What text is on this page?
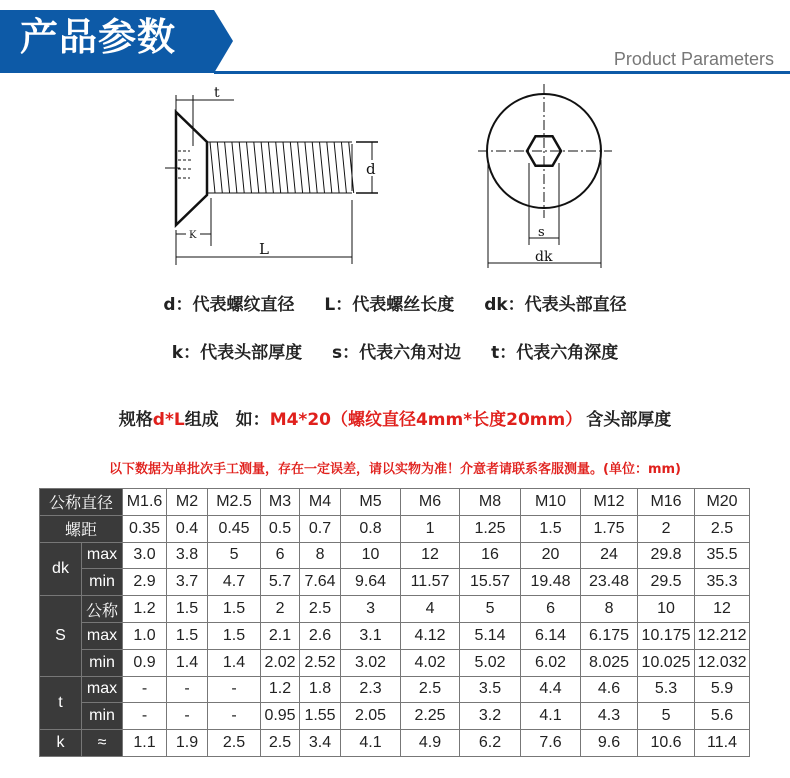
产品参数	Product Parameters
t
d
K
L
s
dk
d：代表螺纹直径 L：代表螺丝长度 dk：代表头部直径
k：代表头部厚度 s：代表六角对边 t：代表六角深度
规格d*L组成　如：M4*20（螺纹直径4mm*长度20mm） 含头部厚度
以下数据为单批次手工测量，存在一定误差，请以实物为准！介意者请联系客服测量。(单位：mm)
公称直径		M1.6	M2	M2.5	M3	M4	M5	M6	M8	M10	M12	M16	M20
螺距		0.35	0.4	0.45	0.5	0.7	0.8	1	1.25	1.5	1.75	2	2.5
dk	max	3.0	3.8	5	6	8	10	12	16	20	24	29.8	35.5
	min	2.9	3.7	4.7	5.7	7.64	9.64	11.57	15.57	19.48	23.48	29.5	35.3
S	公称	1.2	1.5	1.5	2	2.5	3	4	5	6	8	10	12
	max	1.0	1.5	1.5	2.1	2.6	3.1	4.12	5.14	6.14	6.175	10.175	12.212
	min	0.9	1.4	1.4	2.02	2.52	3.02	4.02	5.02	6.02	8.025	10.025	12.032
t	max	-	-	-	1.2	1.8	2.3	2.5	3.5	4.4	4.6	5.3	5.9
	min	-	-	-	0.95	1.55	2.05	2.25	3.2	4.1	4.3	5	5.6
k	≈	1.1	1.9	2.5	2.5	3.4	4.1	4.9	6.2	7.6	9.6	10.6	11.4
